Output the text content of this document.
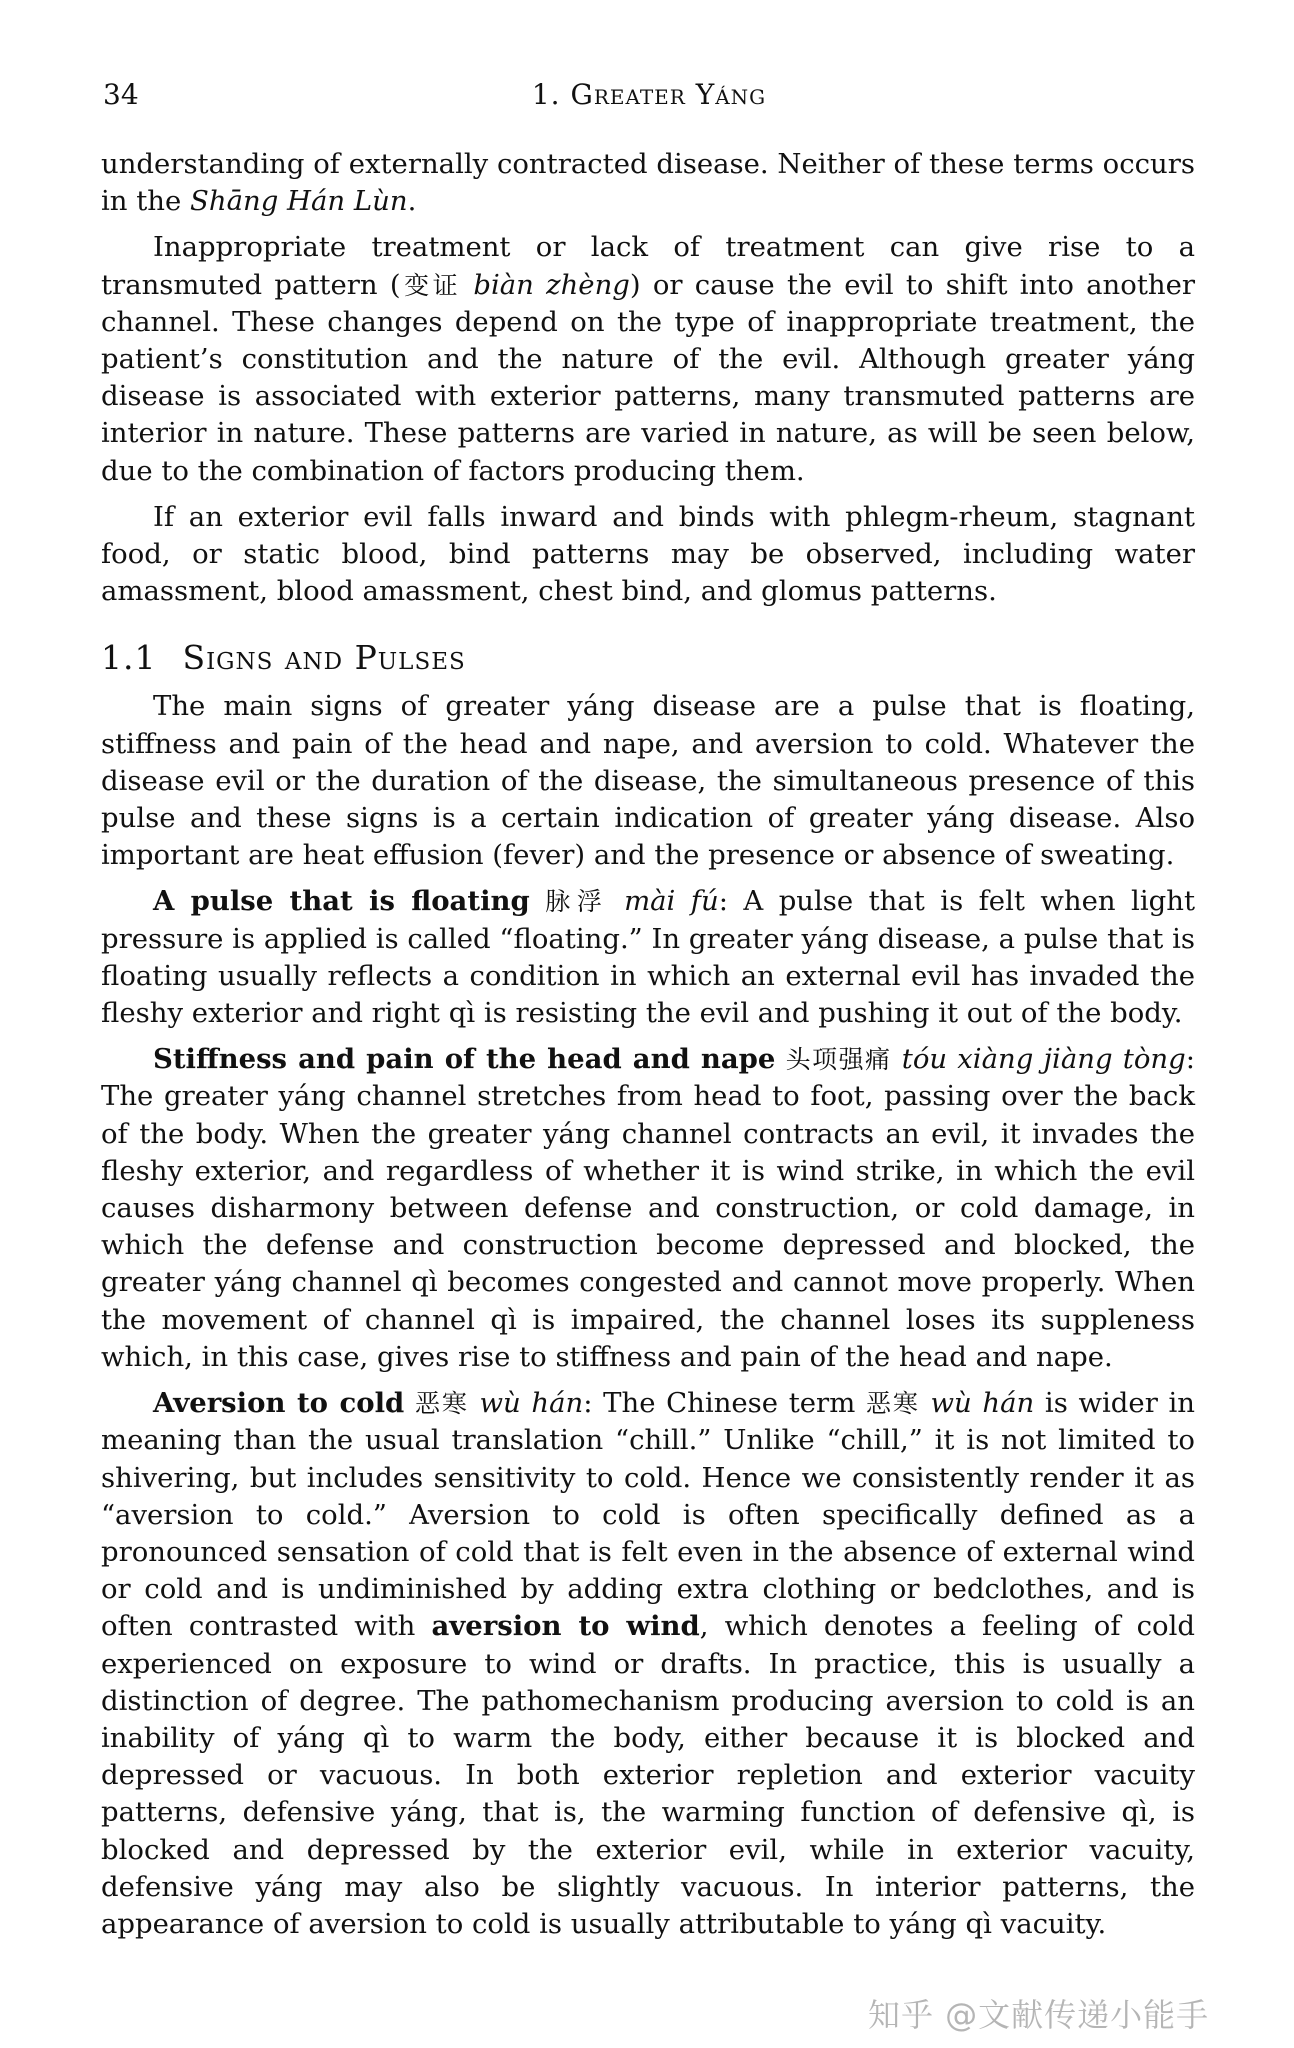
34	1. Greater Yáng

understanding of externally contracted disease. Neither of these terms occurs in the Shāng Hán Lùn.

Inappropriate treatment or lack of treatment can give rise to a transmuted pattern (变证 biàn zhèng) or cause the evil to shift into another channel. These changes depend on the type of inappropriate treatment, the patient’s constitution and the nature of the evil. Although greater yáng disease is associated with exterior patterns, many transmuted patterns are interior in nature. These patterns are varied in nature, as will be seen below, due to the combination of factors producing them.

If an exterior evil falls inward and binds with phlegm-rheum, stagnant food, or static blood, bind patterns may be observed, including water amassment, blood amassment, chest bind, and glomus patterns.

1.1 Signs and Pulses

The main signs of greater yáng disease are a pulse that is floating, stiffness and pain of the head and nape, and aversion to cold. Whatever the disease evil or the duration of the disease, the simultaneous presence of this pulse and these signs is a certain indication of greater yáng disease. Also important are heat effusion (fever) and the presence or absence of sweating.

A pulse that is floating 脉浮 mài fú: A pulse that is felt when light pressure is applied is called “floating.” In greater yáng disease, a pulse that is floating usually reflects a condition in which an external evil has invaded the fleshy exterior and right qì is resisting the evil and pushing it out of the body.

Stiffness and pain of the head and nape 头项强痛 tóu xiàng jiàng tòng: The greater yáng channel stretches from head to foot, passing over the back of the body. When the greater yáng channel contracts an evil, it invades the fleshy exterior, and regardless of whether it is wind strike, in which the evil causes disharmony between defense and construction, or cold damage, in which the defense and construction become depressed and blocked, the greater yáng channel qì becomes congested and cannot move properly. When the movement of channel qì is impaired, the channel loses its suppleness which, in this case, gives rise to stiffness and pain of the head and nape.

Aversion to cold 恶寒 wù hán: The Chinese term 恶寒 wù hán is wider in meaning than the usual translation “chill.” Unlike “chill,” it is not limited to shivering, but includes sensitivity to cold. Hence we consistently render it as “aversion to cold.” Aversion to cold is often specifically defined as a pronounced sensation of cold that is felt even in the absence of external wind or cold and is undiminished by adding extra clothing or bedclothes, and is often contrasted with aversion to wind, which denotes a feeling of cold experienced on exposure to wind or drafts. In practice, this is usually a distinction of degree. The pathomechanism producing aversion to cold is an inability of yáng qì to warm the body, either because it is blocked and depressed or vacuous. In both exterior repletion and exterior vacuity patterns, defensive yáng, that is, the warming function of defensive qì, is blocked and depressed by the exterior evil, while in exterior vacuity, defensive yáng may also be slightly vacuous. In interior patterns, the appearance of aversion to cold is usually attributable to yáng qì vacuity.

知乎 @文献传递小能手
